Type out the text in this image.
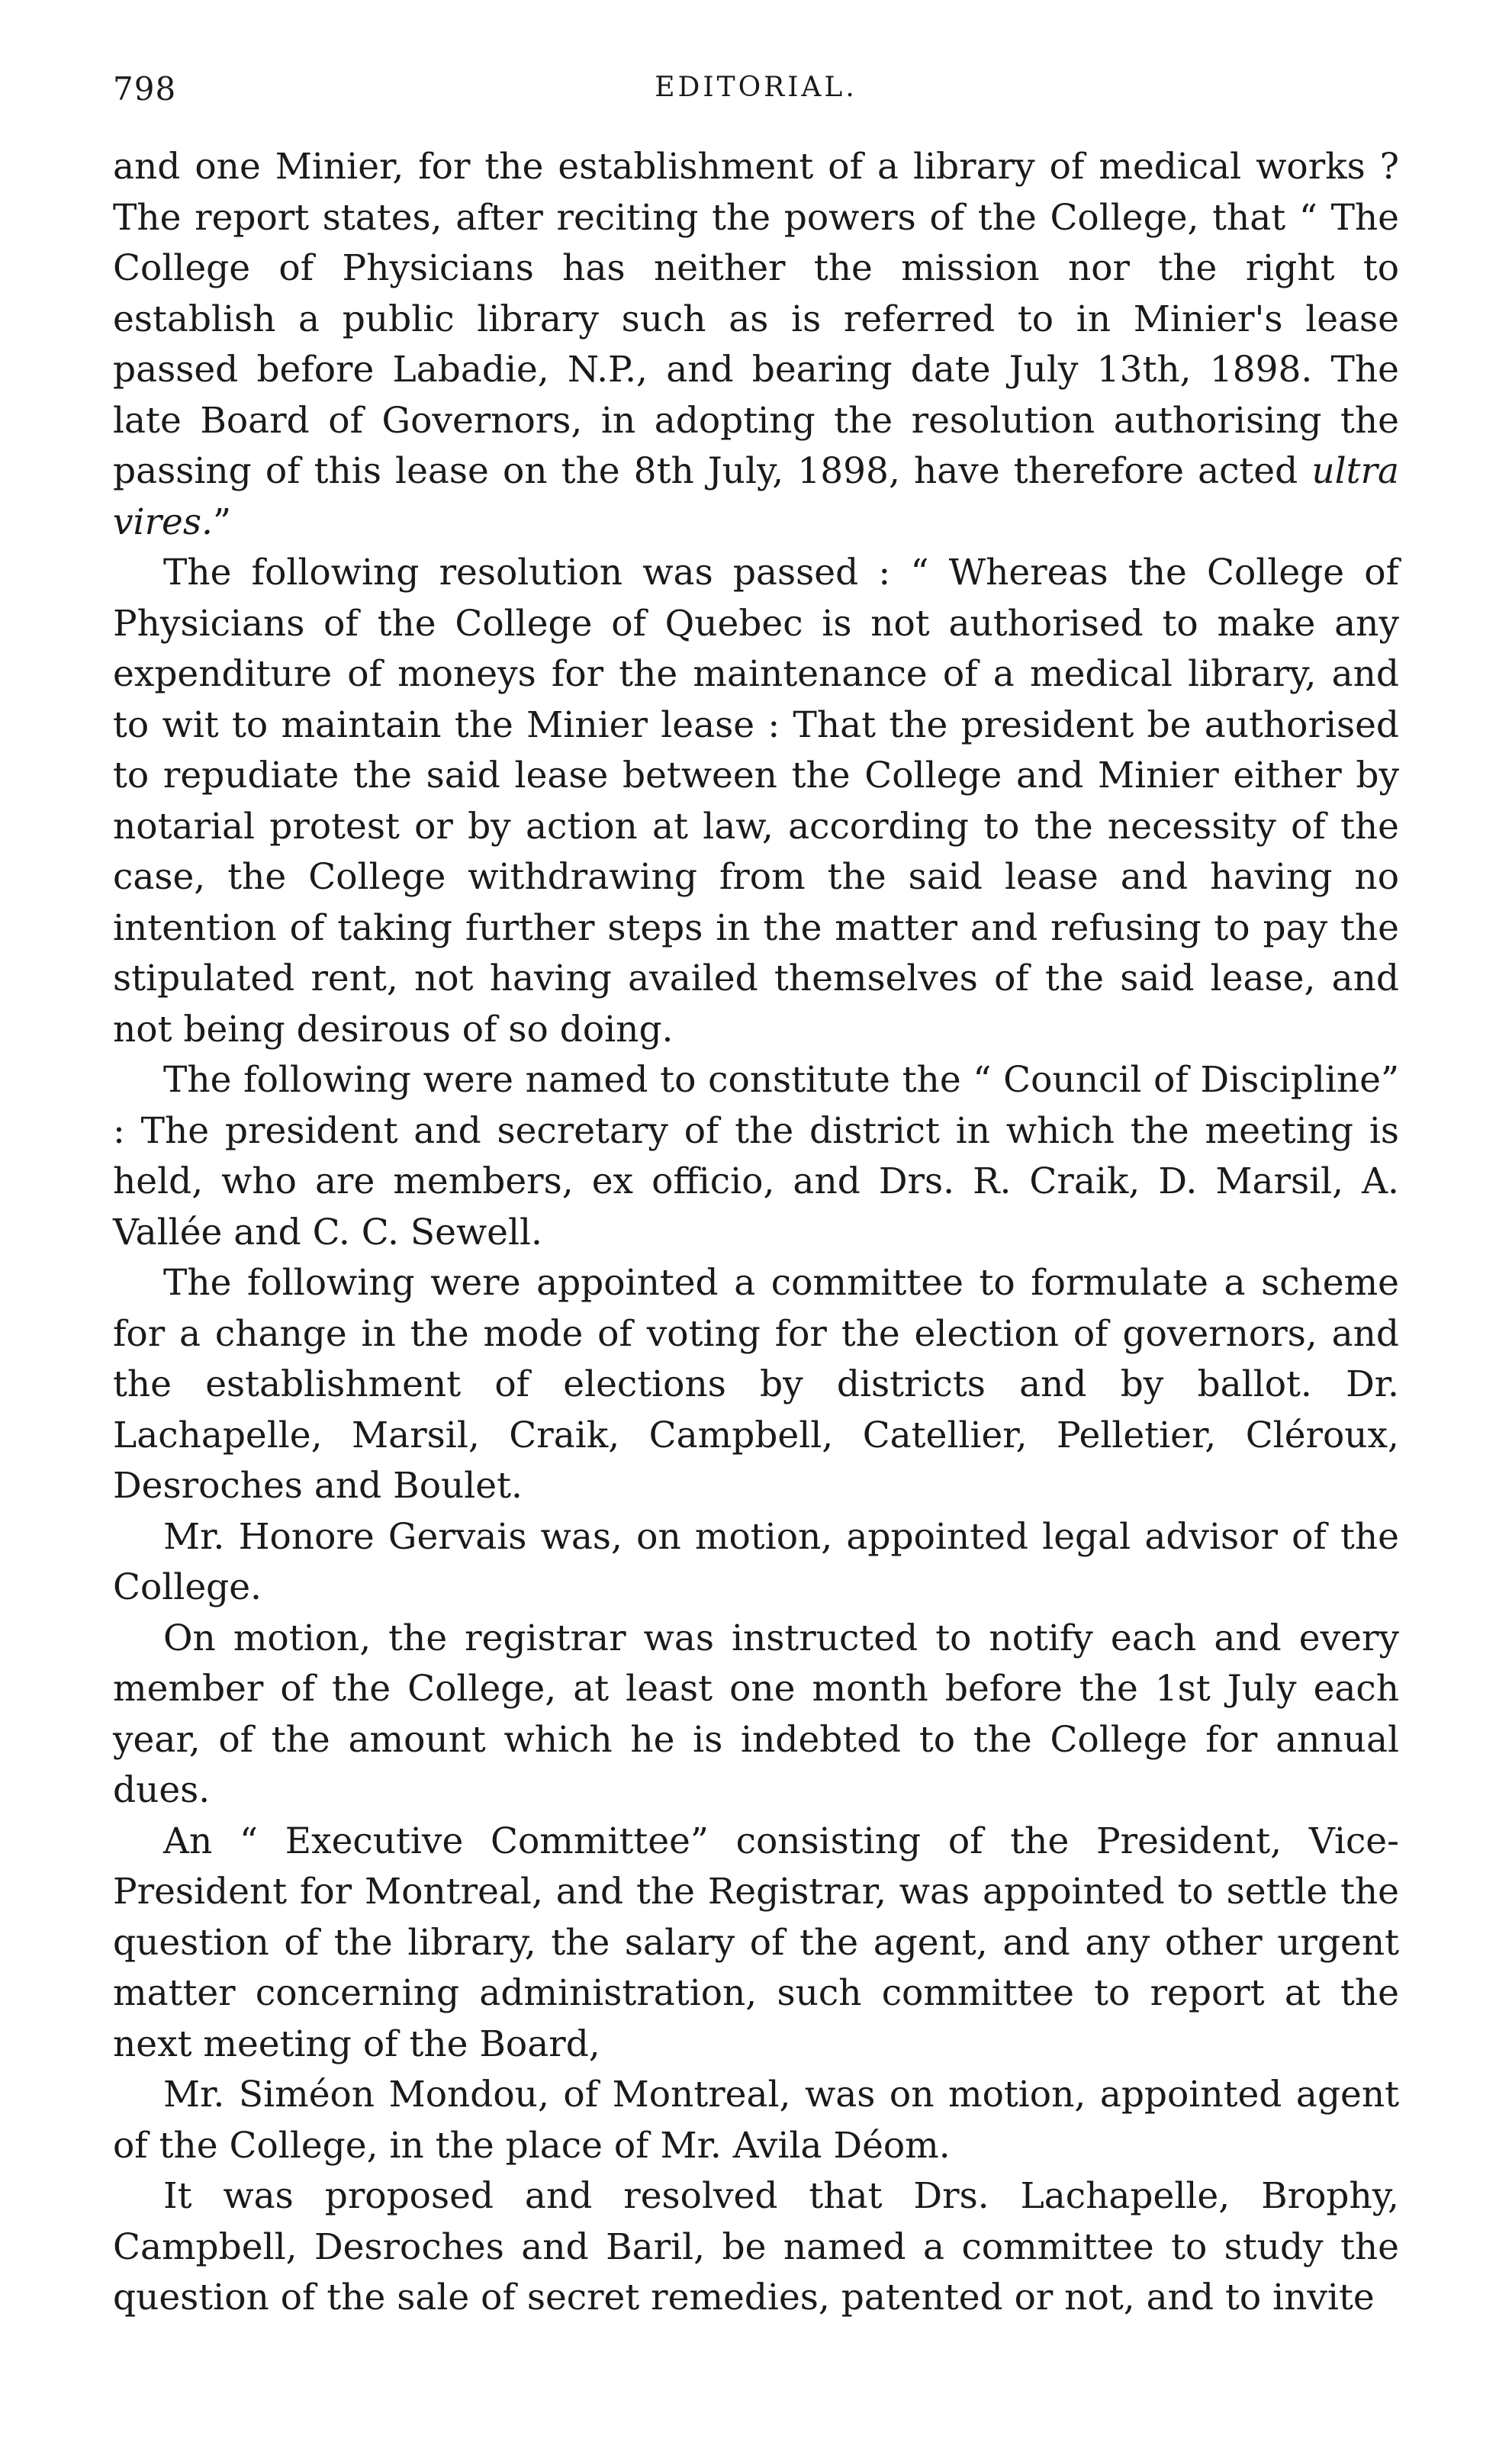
798	EDITORIAL.

and one Minier, for the establishment of a library of medical works ? The report states, after reciting the powers of the College, that “ The College of Physicians has neither the mission nor the right to establish a public library such as is referred to in Minier's lease passed before Labadie, N.P., and bearing date July 13th, 1898. The late Board of Governors, in adopting the resolution authorising the passing of this lease on the 8th July, 1898, have therefore acted ultra vires.”

The following resolution was passed : “ Whereas the College of Physicians of the College of Quebec is not authorised to make any expenditure of moneys for the maintenance of a medical library, and to wit to maintain the Minier lease : That the president be authorised to repudiate the said lease between the College and Minier either by notarial protest or by action at law, according to the necessity of the case, the College withdrawing from the said lease and having no intention of taking further steps in the matter and refusing to pay the stipulated rent, not having availed themselves of the said lease, and not being desirous of so doing.

The following were named to constitute the “ Council of Discipline” : The president and secretary of the district in which the meeting is held, who are members, ex officio, and Drs. R. Craik, D. Marsil, A. Vallée and C. C. Sewell.

The following were appointed a committee to formulate a scheme for a change in the mode of voting for the election of governors, and the establishment of elections by districts and by ballot. Dr. Lachapelle, Marsil, Craik, Campbell, Catellier, Pelletier, Cléroux, Desroches and Boulet.

Mr. Honore Gervais was, on motion, appointed legal advisor of the College.

On motion, the registrar was instructed to notify each and every member of the College, at least one month before the 1st July each year, of the amount which he is indebted to the College for annual dues.

An “ Executive Committee” consisting of the President, Vice-President for Montreal, and the Registrar, was appointed to settle the question of the library, the salary of the agent, and any other urgent matter concerning administration, such committee to report at the next meeting of the Board,

Mr. Siméon Mondou, of Montreal, was on motion, appointed agent of the College, in the place of Mr. Avila Déom.

It was proposed and resolved that Drs. Lachapelle, Brophy, Campbell, Desroches and Baril, be named a committee to study the question of the sale of secret remedies, patented or not, and to invite
